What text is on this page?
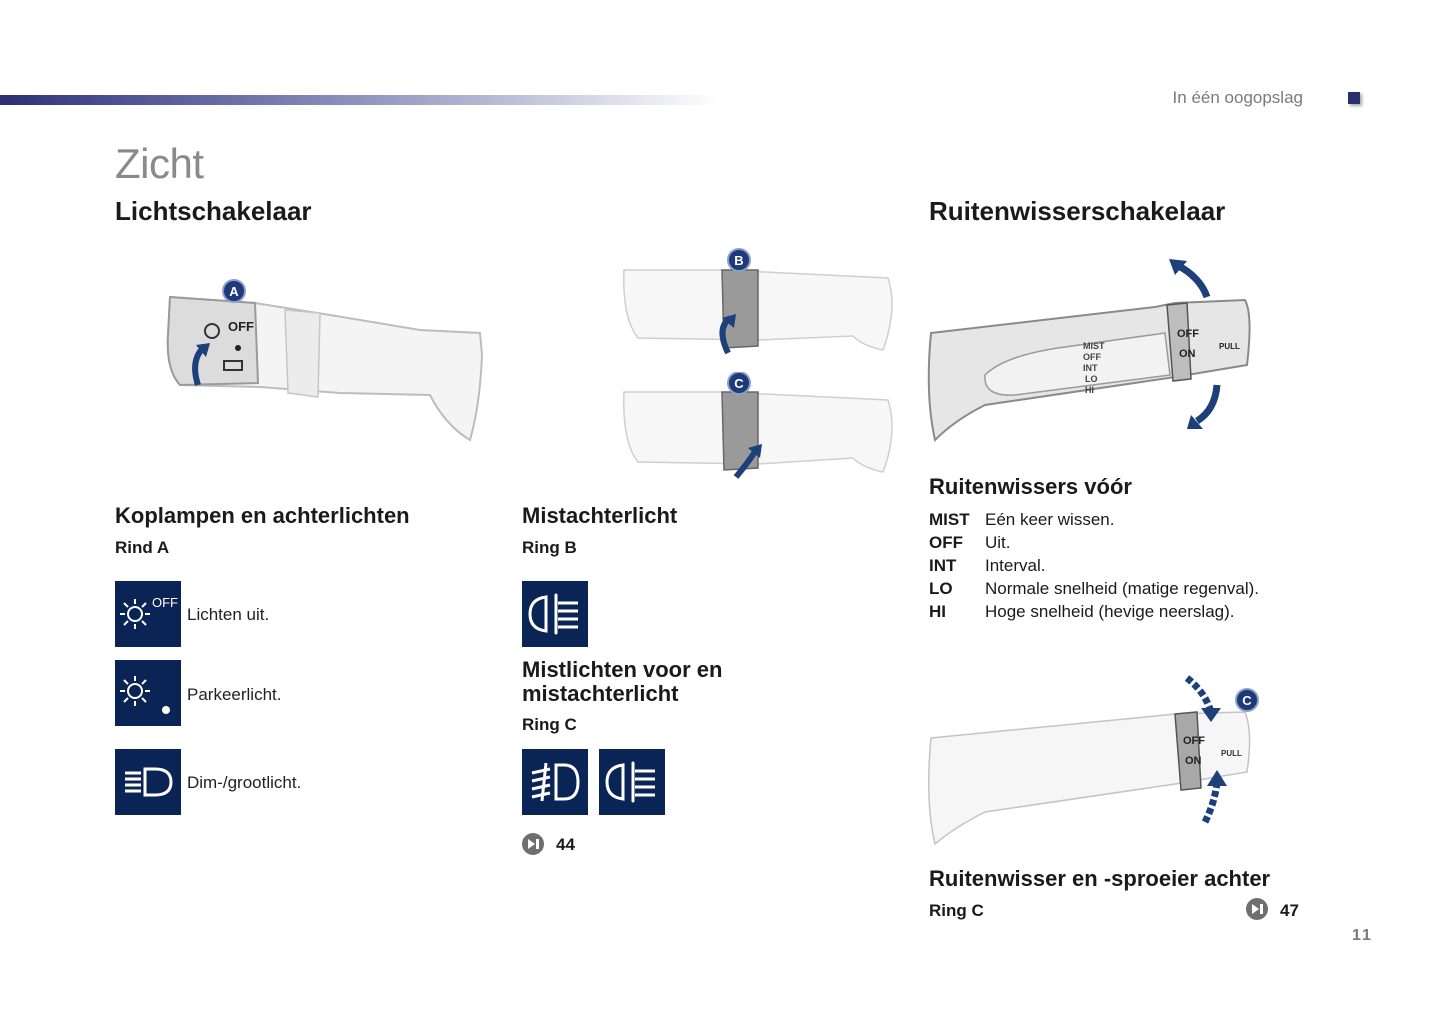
In één oogopslag
Zicht
Lichtschakelaar	Ruitenwisserschakelaar
OFF
A
B
C
MIST
OFF
INT
LO
HI
OFF
ON
PULL
OFF
ON
PULL
C
Koplampen en achterlichten
Rind A
OFF
Lichten uit.
Parkeerlicht.
Dim-/grootlicht.
Mistachterlicht
Ring B
Mistlichten voor en
mistachterlicht
Ring C
44
Ruitenwissers vóór
MIST Eén keer wissen.
OFF	Uit.
INT	Interval.
LO	Normale snelheid (matige regenval).
HI	Hoge snelheid (hevige neerslag).
Ruitenwisser en -sproeier achter
Ring C	47
11
